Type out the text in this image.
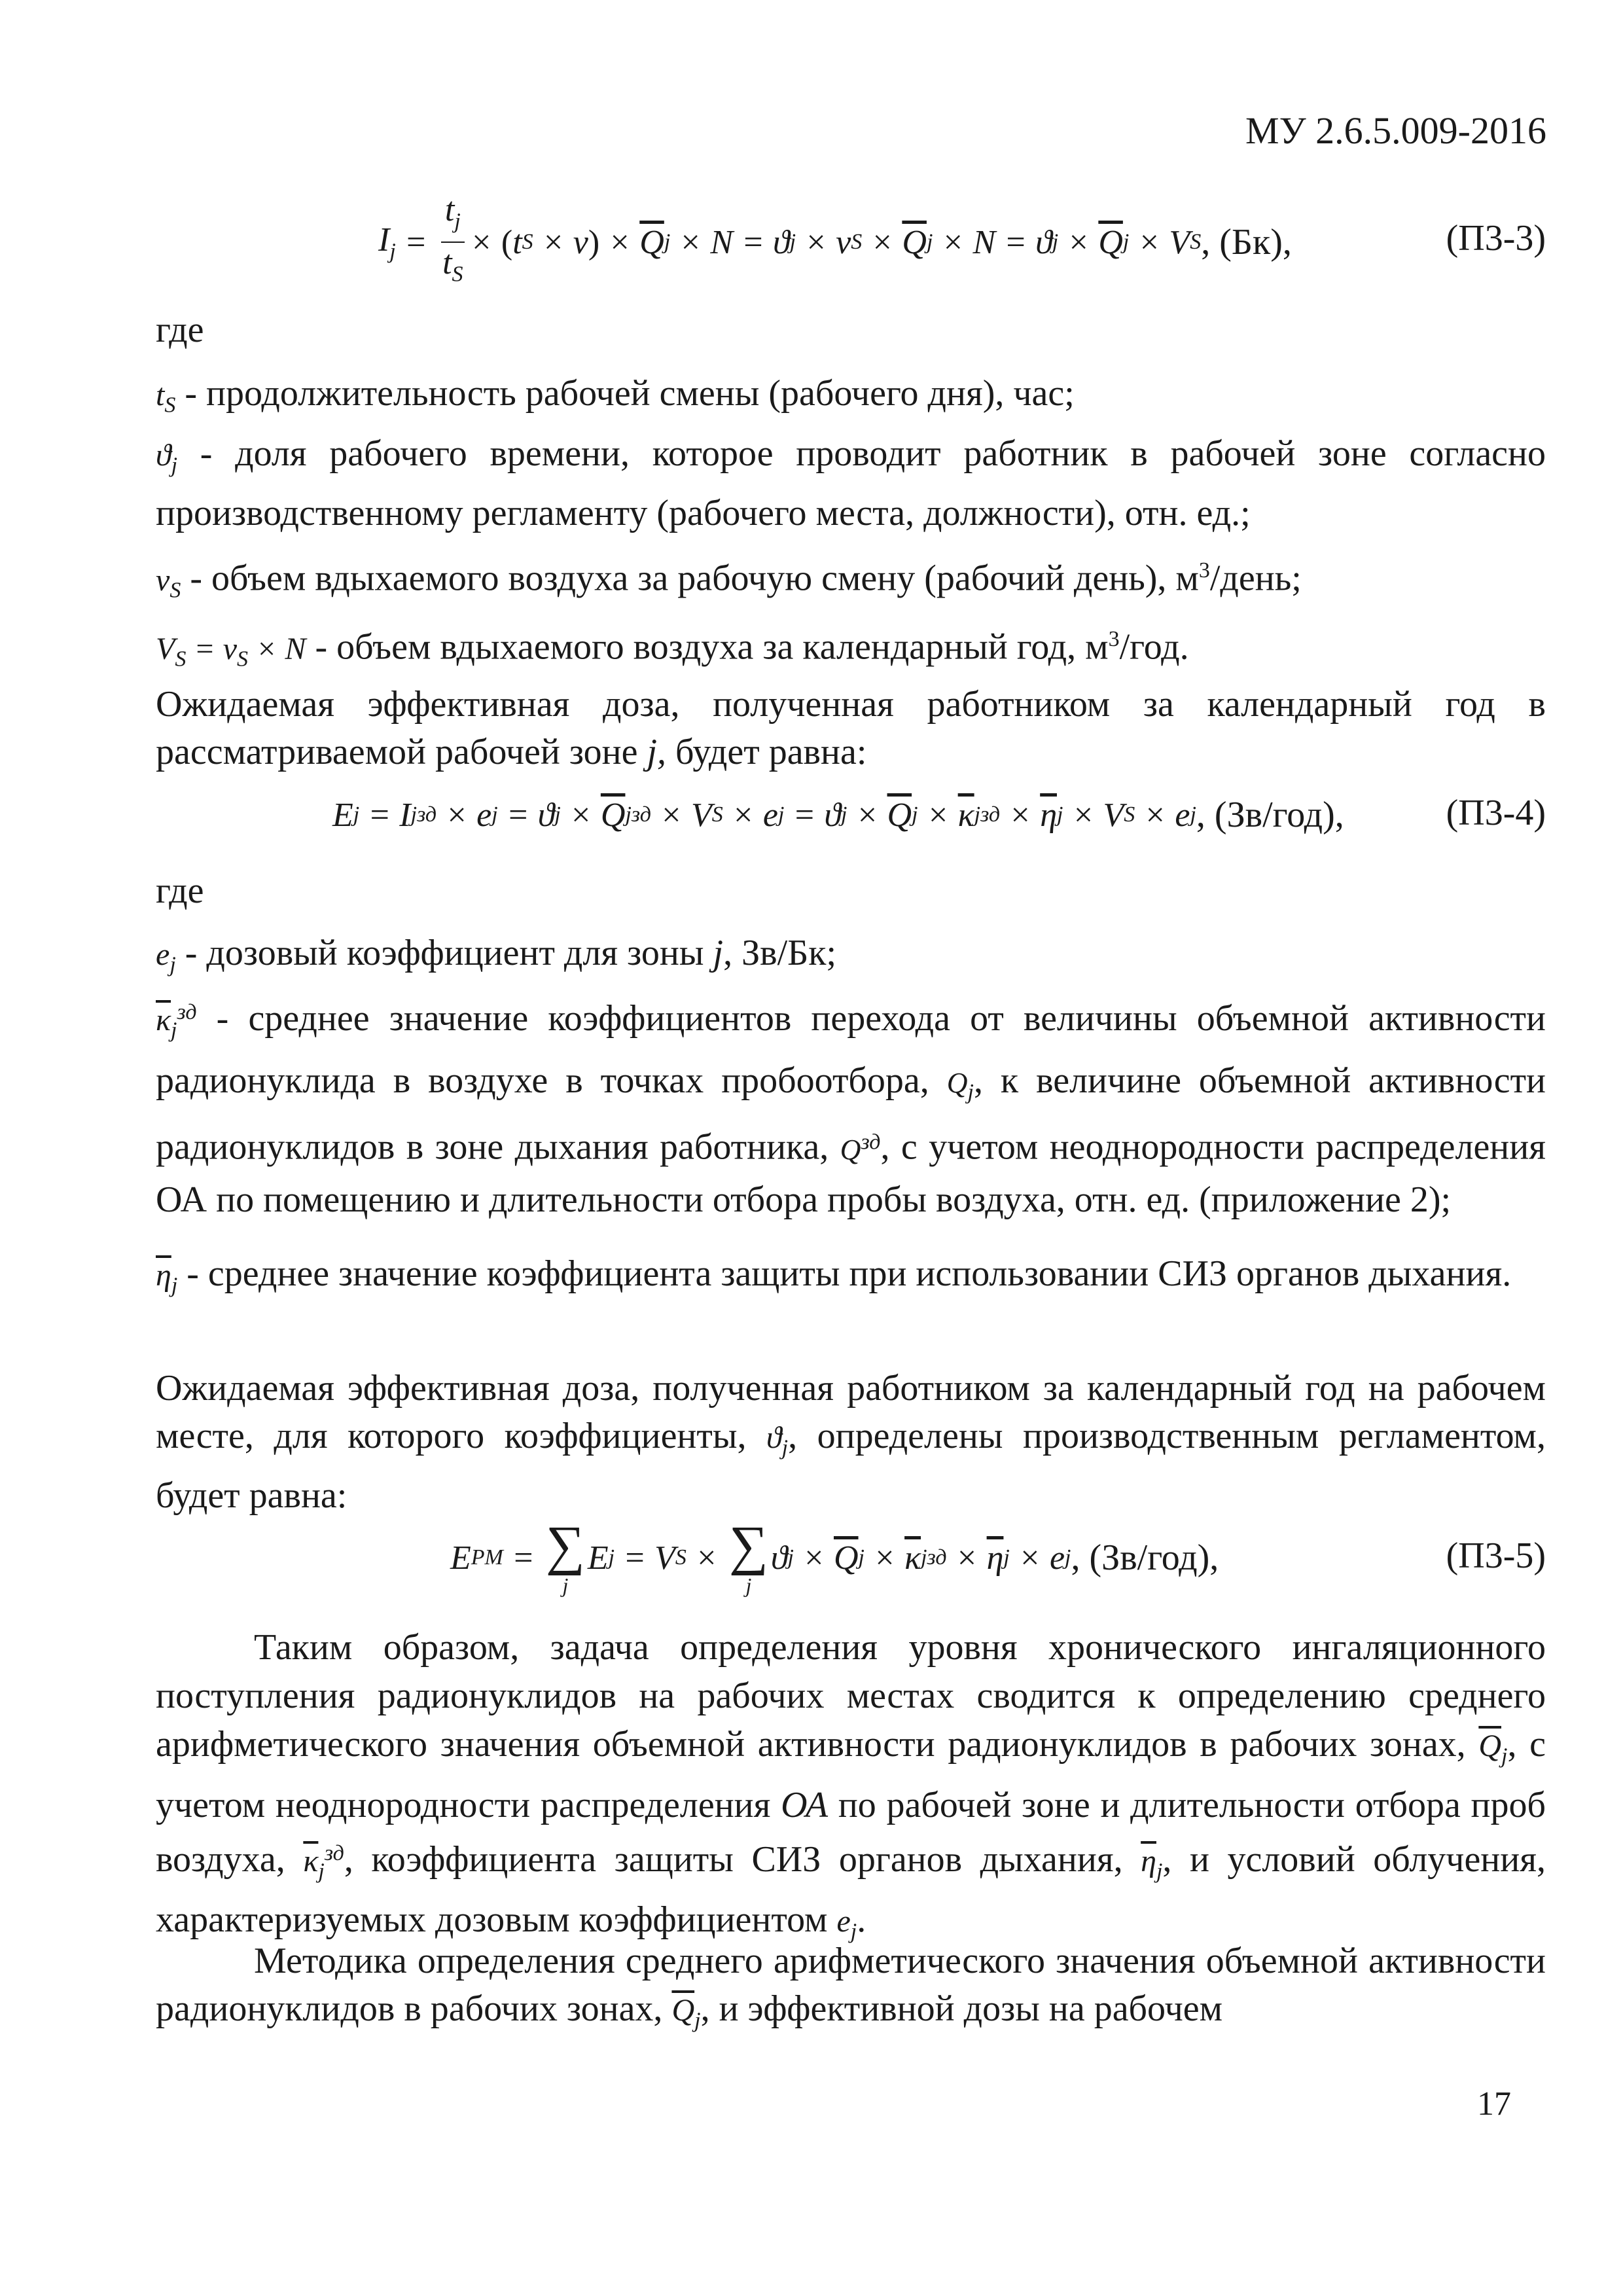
МУ 2.6.5.009-2016
$I_j = \frac{t_j}{t_S}$ × ( t S × ν ) × $\overline{Q}$ j × N = ϑ j × ν $S \times \overline{Q}$ j × N = ϑ $j \times \overline{Q}$ j × V S , (Бк),	(П3-3)
где
$t_S$ - продолжительность рабочей смены (рабочего дня), час;
$ϑ_j$ - доля рабочего времени, которое проводит работник в рабочей зоне согласно производственному регламенту (рабочего места, должности), отн. ед.;
$\nu_S$ - объем вдыхаемого воздуха за рабочую смену (рабочий день), $м^3$/день;
$V_S = \nu_S \times N$ - объем вдыхаемого воздуха за календарный год, $м^3$/год.
Ожидаемая эффективная доза, полученная работником за календарный год в рассматриваемой рабочей зоне j, будет равна:
E j = I j зд × e j = ϑ $j \times \overline{Q}$ j зд × V S × e j = ϑ $j \times \overline{Q}$ $j \times \overline{\kappa}$ j зд × $\overline{\eta}$ j × V S × e j , (Зв/год),	(П3-4)
где
$e_j$ - дозовый коэффициент для зоны j, Зв/Бк;
$\overline{\kappa}_j^{зд}$ - среднее значение коэффициентов перехода от величины объемной активности радионуклида в воздухе в точках пробоотбора, $Q_j$, к величине объемной активности радионуклидов в зоне дыхания работника, $Q^{зд}$, с учетом неоднородности распределения ОА по помещению и длительности отбора пробы воздуха, отн. ед. (приложение 2);
$\overline{\eta}_j$ - среднее значение коэффициента защиты при использовании СИЗ органов дыхания.
Ожидаемая эффективная доза, полученная работником за календарный год на рабочем месте, для которого коэффициенты, $ϑ_j$, определены производственным регламентом, будет равна:
E PM = ∑
j
E j = V S × ∑
j
ϑ $j \times \overline{Q}$ $j \times \overline{\kappa}$ j зд × $\overline{\eta}$ j × e j , (Зв/год),	(П3-5)
Таким образом, задача определения уровня хронического ингаляционного поступления радионуклидов на рабочих местах сводится к определению среднего арифметического значения объемной активности радионуклидов в рабочих зонах, $\overline{Q}_j$, с учетом неоднородности распределения ОА по рабочей зоне и длительности отбора проб воздуха, $\overline{\kappa}_j^{зд}$, коэффициента защиты СИЗ органов дыхания, $\overline{\eta}_j$, и условий облучения, характеризуемых дозовым коэффициентом $e_j$.
Методика определения среднего арифметического значения объемной активности радионуклидов в рабочих зонах, $\overline{Q}_j$, и эффективной дозы на рабочем
17
